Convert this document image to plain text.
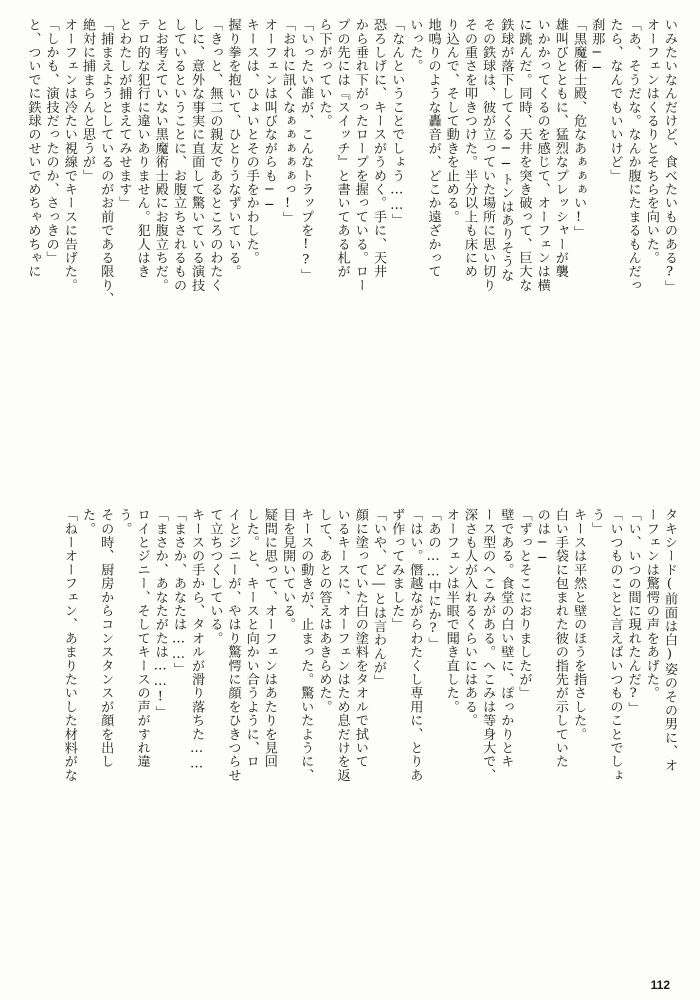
いみたいなんだけど、食べたいものある?」
オーフェンはくるりとそちらを向いた。
「あ、そうだな。なんか腹にたまるもんだっ
たら、なんでもいいけど」
刹那──
「黒魔術士殿、危なあぁぁぁい!」
雄叫びとともに、猛烈なプレッシャーが襲
いかかってくるのを感じて、オーフェンは横
に跳んだ。同時、天井を突き破って、巨大な
鉄球が落下してくる──トンはありそうな
その鉄球は、彼が立っていた場所に思い切り
その重さを叩きつけた。半分以上も床にめ
り込んで、そして動きを止める。
地鳴りのような轟音が、どこか遠ざかって
いった。
「なんということでしょう……」
恐ろしげに、キースがうめく。手に、天井
から垂れ下がったロープを握っている。ロー
プの先には『スイッチ』と書いてある札が
ら下がっていた。
「いったい誰が、こんなトラップを!?」
「おれに訊くなぁぁぁぁぁっ!」
オーフェンは叫びながらも──
キースは、ひょいとその手をかわした。
握り拳を抱いて、ひとりうなずいている。
「きっと、無二の親友であるところのわたく
しに、意外な事実に直面して驚いている演技
しているということに、お腹立ちされるもの
とお考えていない黒魔術士殿にお腹立ちだ。
テロ的な犯行に違いありません。犯人はき
とわたしが捕まえてみせます」
「捕まえようとしているのがお前である限り、
絶対に捕まらんと思うが」
オーフェンは冷たい視線でキースに告げた。
「しかも、演技だったのか、さっきの」
と、ついでに鉄球のせいでめちゃめちゃに
タキシード(前面は白)姿のその男に、オ
ーフェンは驚愕の声をあげた。
「い、いつの間に現れたんだ?」
「いつものことと言えばいつものことでしょ
う」
キースは平然と壁のほうを指さした。
白い手袋に包まれた彼の指先が示していた
のは──
「ずっとそこにおりましたが」
壁である。食堂の白い壁に、ぽっかりとキ
ース型のへこみがある。へこみは等身大で、
深さも人が入れるくらいにはある。
オーフェンは半眼で聞き直した。
「あの……中にか?」
「はい。僭越ながらわたくし専用に、とりあ
ず作ってみました」
「いや、ど―とは言わんが」
顔に塗っていた白の塗料をタオルで拭いて
いるキースに、オーフェンはため息だけを返
して、あとの答えはあきらめた。
キースの動きが、止まった。驚いたように、
目を見開いている。
疑問に思って、オーフェンはあたりを見回
した。と、キースと向かい合うように、ロ
イとジニーが、やはり驚愕に顔をひきつらせ
て立ちつくしている。
キースの手から、タオルが滑り落ちた……
「まさか、あなたは……」
「まさか、あなたがたは……!」
ロイとジニー、そしてキースの声がすれ違
う。
その時、厨房からコンスタンスが顔を出し
た。
「ねーオーフェン、あまりたいした材料がな
112
